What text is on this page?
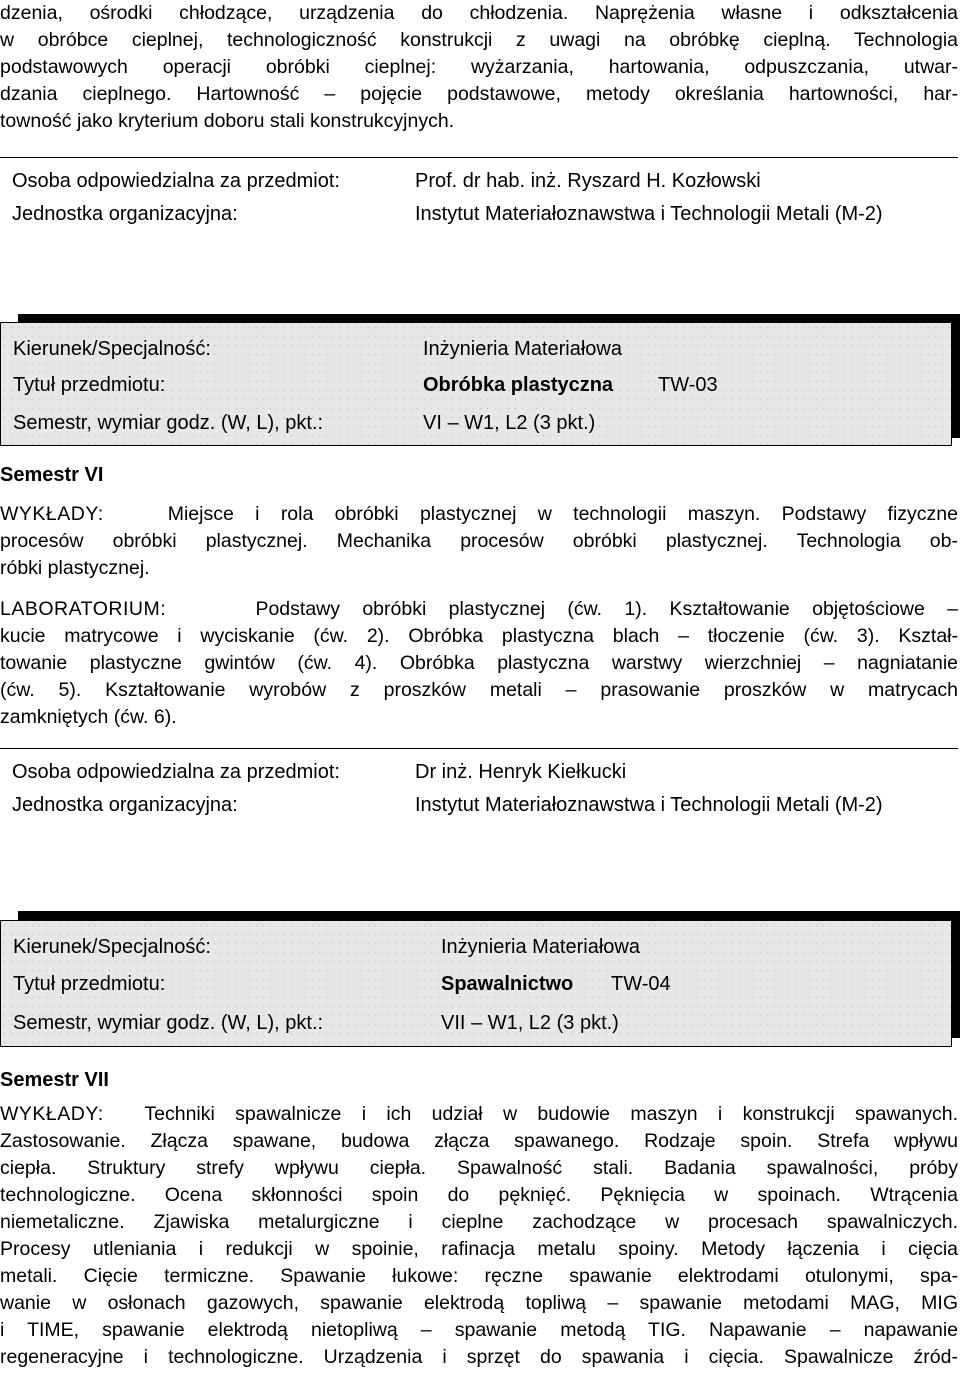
dzenia, ośrodki chłodzące, urządzenia do chłodzenia. Naprężenia własne i odkształcenia
w obróbce cieplnej, technologiczność konstrukcji z uwagi na obróbkę cieplną. Technologia
podstawowych operacji obróbki cieplnej: wyżarzania, hartowania, odpuszczania, utwar-
dzania cieplnego. Hartowność – pojęcie podstawowe, metody określania hartowności, har-
towność jako kryterium doboru stali konstrukcyjnych.
Osoba odpowiedzialna za przedmiot:	Prof. dr hab. inż. Ryszard H. Kozłowski
Jednostka organizacyjna:	Instytut Materiałoznawstwa i Technologii Metali (M-2)
Kierunek/Specjalność:	Inżynieria Materiałowa
Tytuł przedmiotu:	Obróbka plastyczna TW-03
Semestr, wymiar godz. (W, L), pkt.:	VI – W1, L2 (3 pkt.)
Semestr VI
WYKŁADY:	Miejsce i rola obróbki plastycznej w technologii maszyn. Podstawy fizyczne
procesów obróbki plastycznej. Mechanika procesów obróbki plastycznej. Technologia ob-
róbki plastycznej.
LABORATORIUM:	Podstawy obróbki plastycznej (ćw. 1). Kształtowanie objętościowe –
kucie matrycowe i wyciskanie (ćw. 2). Obróbka plastyczna blach – tłoczenie (ćw. 3). Kształ-
towanie plastyczne gwintów (ćw. 4). Obróbka plastyczna warstwy wierzchniej – nagniatanie
(ćw. 5). Kształtowanie wyrobów z proszków metali – prasowanie proszków w matrycach
zamkniętych (ćw. 6).
Osoba odpowiedzialna za przedmiot:	Dr inż. Henryk Kiełkucki
Jednostka organizacyjna:	Instytut Materiałoznawstwa i Technologii Metali (M-2)
Kierunek/Specjalność:	Inżynieria Materiałowa
Tytuł przedmiotu:	Spawalnictwo TW-04
Semestr, wymiar godz. (W, L), pkt.:	VII – W1, L2 (3 pkt.)
Semestr VII
WYKŁADY: Techniki spawalnicze i ich udział w budowie maszyn i konstrukcji spawanych.
Zastosowanie. Złącza spawane, budowa złącza spawanego. Rodzaje spoin. Strefa wpływu
ciepła. Struktury strefy wpływu ciepła. Spawalność stali. Badania spawalności, próby
technologiczne. Ocena skłonności spoin do pęknięć. Pęknięcia w spoinach. Wtrącenia
niemetaliczne. Zjawiska metalurgiczne i cieplne zachodzące w procesach spawalniczych.
Procesy utleniania i redukcji w spoinie, rafinacja metalu spoiny. Metody łączenia i cięcia
metali. Cięcie termiczne. Spawanie łukowe: ręczne spawanie elektrodami otulonymi, spa-
wanie w osłonach gazowych, spawanie elektrodą topliwą – spawanie metodami MAG, MIG
i TIME, spawanie elektrodą nietopliwą – spawanie metodą TIG. Napawanie – napawanie
regeneracyjne i technologiczne. Urządzenia i sprzęt do spawania i cięcia. Spawalnicze źród-
